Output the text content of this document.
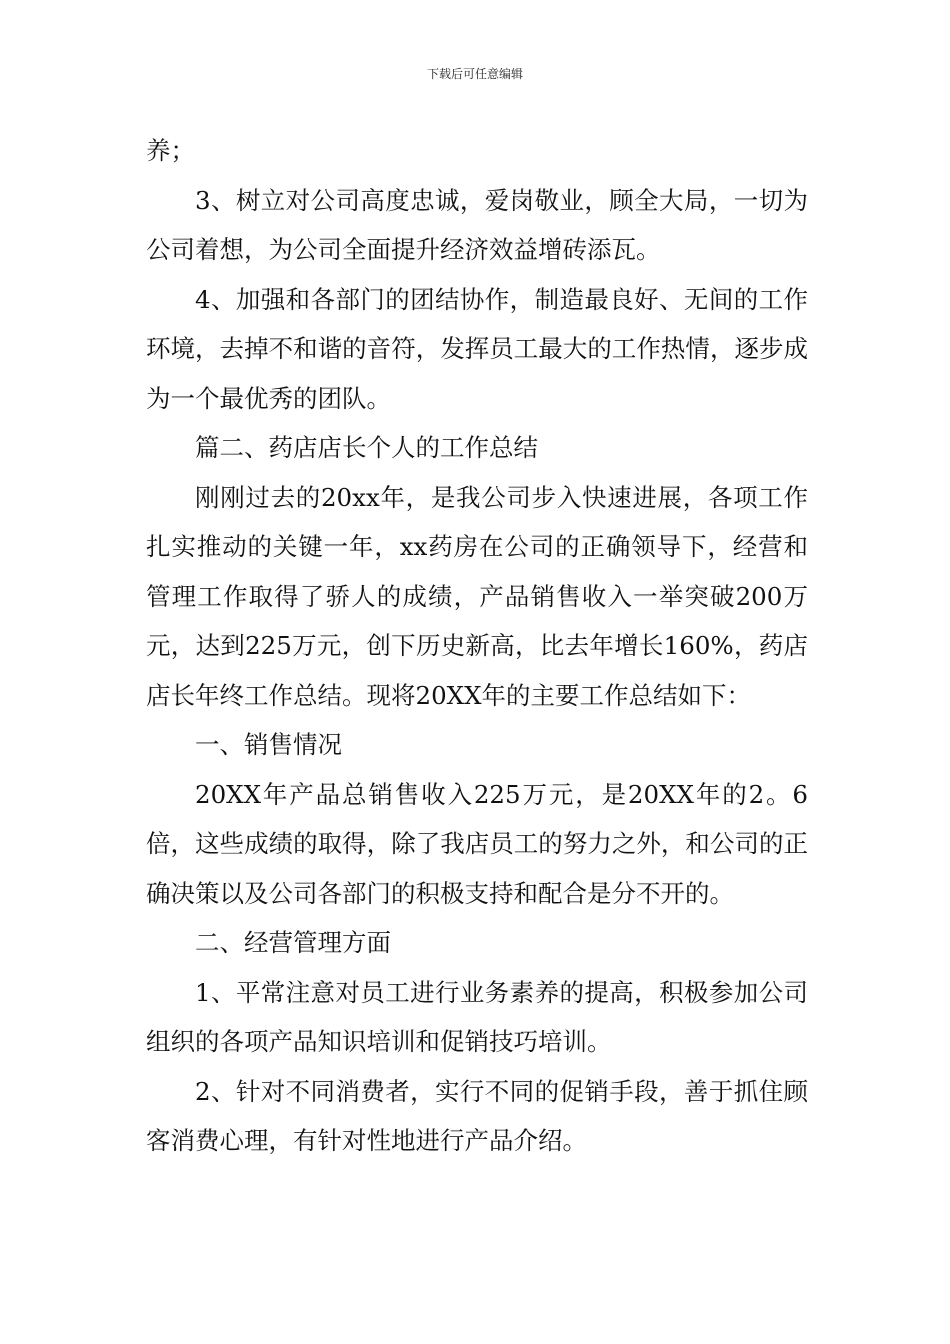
下载后可任意编辑

养；

3、树立对公司高度忠诚，爱岗敬业，顾全大局，一切为公司着想，为公司全面提升经济效益增砖添瓦。

4、加强和各部门的团结协作，制造最良好、无间的工作环境，去掉不和谐的音符，发挥员工最大的工作热情，逐步成为一个最优秀的团队。

篇二、药店店长个人的工作总结

刚刚过去的20xx年，是我公司步入快速进展，各项工作扎实推动的关键一年，xx药房在公司的正确领导下，经营和管理工作取得了骄人的成绩，产品销售收入一举突破200万元，达到225万元，创下历史新高，比去年增长160%，药店店长年终工作总结。现将20XX年的主要工作总结如下：

一、销售情况

20XX年产品总销售收入225万元，是20XX年的2。6倍，这些成绩的取得，除了我店员工的努力之外，和公司的正确决策以及公司各部门的积极支持和配合是分不开的。

二、经营管理方面

1、平常注意对员工进行业务素养的提高，积极参加公司组织的各项产品知识培训和促销技巧培训。

2、针对不同消费者，实行不同的促销手段，善于抓住顾客消费心理，有针对性地进行产品介绍。
